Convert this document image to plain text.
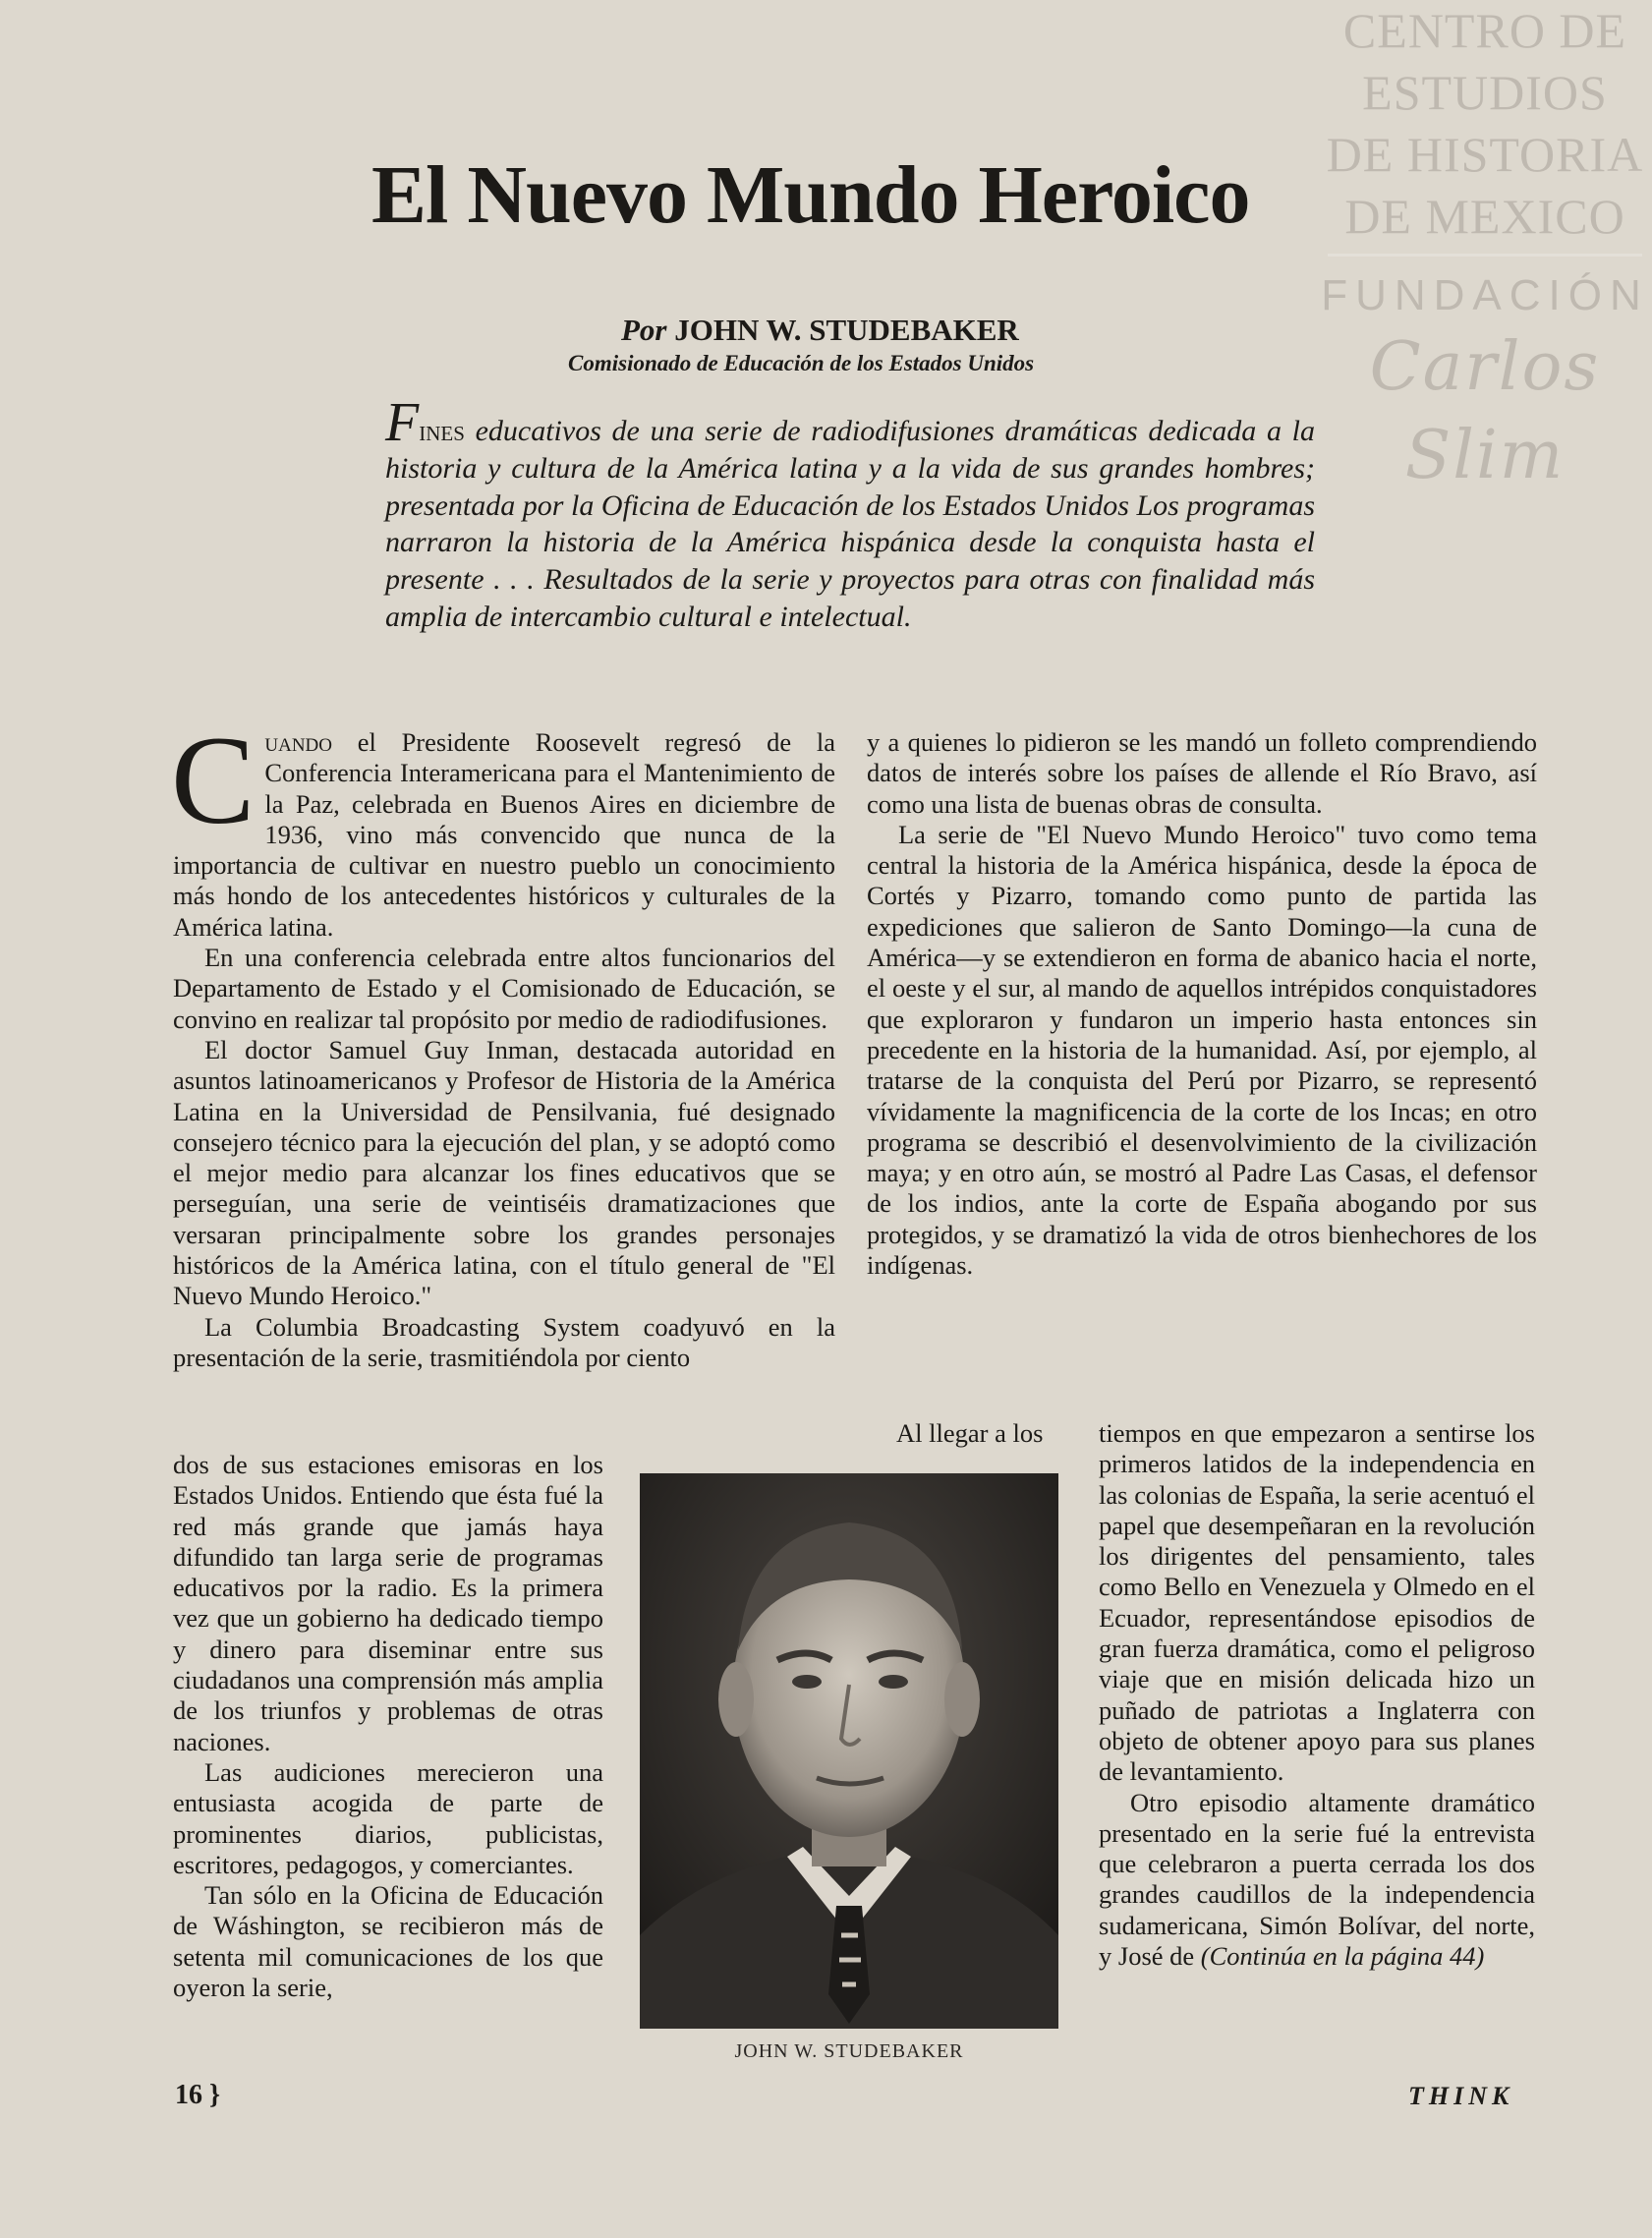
CENTRO DE
ESTUDIOS
DE HISTORIA
DE MEXICO
FUNDACIÓN
Carlos Slim
El Nuevo Mundo Heroico
Por JOHN W. STUDEBAKER
Comisionado de Educación de los Estados Unidos

Fines educativos de una serie de radiodifusiones dramáticas dedicada a la historia y cultura de la América latina y a la vida de sus grandes hombres; presentada por la Oficina de Educación de los Estados Unidos Los programas narraron la historia de la América hispánica desde la conquista hasta el presente . . . Resultados de la serie y proyectos para otras con finalidad más amplia de intercambio cultural e intelectual.

Cuando el Presidente Roosevelt regresó de la Conferencia Interamericana para el Mantenimiento de la Paz, celebrada en Buenos Aires en diciembre de 1936, vino más convencido que nunca de la importancia de cultivar en nuestro pueblo un conocimiento más hondo de los antecedentes históricos y culturales de la América latina.

En una conferencia celebrada entre altos funcionarios del Departamento de Estado y el Comisionado de Educación, se convino en realizar tal propósito por medio de radiodifusiones.

El doctor Samuel Guy Inman, destacada autoridad en asuntos latinoamericanos y Profesor de Historia de la América Latina en la Universidad de Pensilvania, fué designado consejero técnico para la ejecución del plan, y se adoptó como el mejor medio para alcanzar los fines educativos que se perseguían, una serie de veintiséis dramatizaciones que versaran principalmente sobre los grandes personajes históricos de la América latina, con el título general de "El Nuevo Mundo Heroico."

La Columbia Broadcasting System coadyuvó en la presentación de la serie, trasmitiéndola por ciento

dos de sus estaciones emisoras en los Estados Unidos. Entiendo que ésta fué la red más grande que jamás haya difundido tan larga serie de programas educativos por la radio. Es la primera vez que un gobierno ha dedicado tiempo y dinero para diseminar entre sus ciudadanos una comprensión más amplia de los triunfos y problemas de otras naciones.

Las audiciones merecieron una entusiasta acogida de parte de prominentes diarios, publicistas, escritores, pedagogos, y comerciantes.

Tan sólo en la Oficina de Educación de Wáshington, se recibieron más de setenta mil comunicaciones de los que oyeron la serie,

y a quienes lo pidieron se les mandó un folleto comprendiendo datos de interés sobre los países de allende el Río Bravo, así como una lista de buenas obras de consulta.

La serie de "El Nuevo Mundo Heroico" tuvo como tema central la historia de la América hispánica, desde la época de Cortés y Pizarro, tomando como punto de partida las expediciones que salieron de Santo Domingo—la cuna de América—y se extendieron en forma de abanico hacia el norte, el oeste y el sur, al mando de aquellos intrépidos conquistadores que exploraron y fundaron un imperio hasta entonces sin precedente en la historia de la humanidad. Así, por ejemplo, al tratarse de la conquista del Perú por Pizarro, se representó vívidamente la magnificencia de la corte de los Incas; en otro programa se describió el desenvolvimiento de la civilización maya; y en otro aún, se mostró al Padre Las Casas, el defensor de los indios, ante la corte de España abogando por sus protegidos, y se dramatizó la vida de otros bienhechores de los indígenas.

Al llegar a los tiempos en que empezaron a sentirse los primeros latidos de la independencia en las colonias de España, la serie acentuó el papel que desempeñaran en la revolución los dirigentes del pensamiento, tales como Bello en Venezuela y Olmedo en el Ecuador, representándose episodios de gran fuerza dramática, como el peligroso viaje que en misión delicada hizo un puñado de patriotas a Inglaterra con objeto de obtener apoyo para sus planes de levantamiento.

Otro episodio altamente dramático presentado en la serie fué la entrevista que celebraron a puerta cerrada los dos grandes caudillos de la independencia sudamericana, Simón Bolívar, del norte, y José de (Continúa en la página 44)

JOHN W. STUDEBAKER
16 }	THINK
